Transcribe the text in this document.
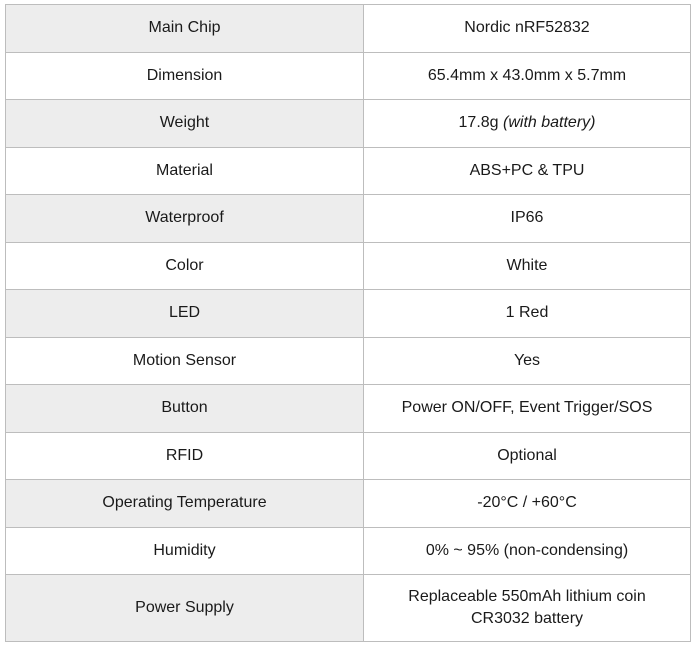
Main Chip	Nordic nRF52832
Dimension	65.4mm x 43.0mm x 5.7mm
Weight	17.8g (with battery)
Material	ABS+PC & TPU
Waterproof	IP66
Color	White
LED	1 Red
Motion Sensor	Yes
Button	Power ON/OFF, Event Trigger/SOS
RFID	Optional
Operating Temperature	-20°C / +60°C
Humidity	0% ~ 95% (non-condensing)
Power Supply	Replaceable 550mAh lithium coin
CR3032 battery
